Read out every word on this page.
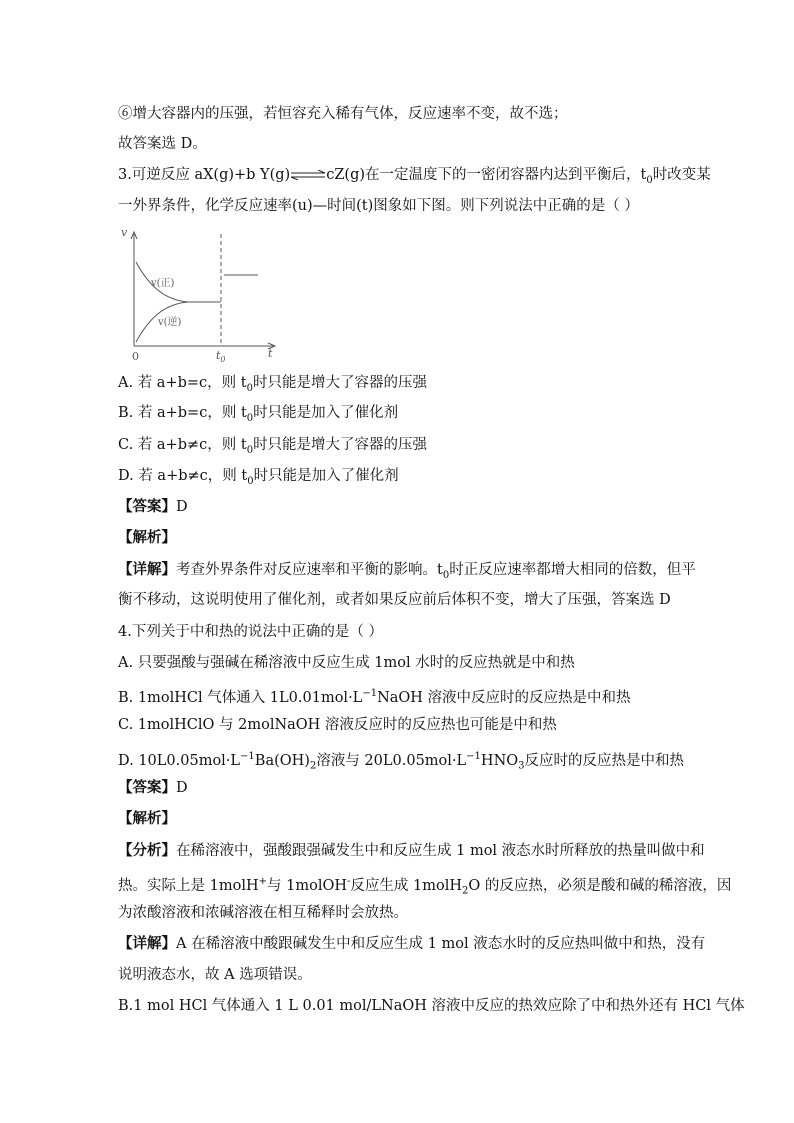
⑥增大容器内的压强，若恒容充入稀有气体，反应速率不变，故不选；
故答案选 D。
3.可逆反应 aX(g)+b Y(g)⇌cZ(g)在一定温度下的一密闭容器内达到平衡后，$t_0$时改变某
一外界条件，化学反应速率(u)—时间(t)图象如下图。则下列说法中正确的是（ ）
v
t
0
v(正)
v(逆)
$t_0$
A. 若 a+b=c，则 $t_0$时只能是增大了容器的压强
B. 若 a+b=c，则 $t_0$时只能是加入了催化剂
C. 若 a+b≠c，则 $t_0$时只能是增大了容器的压强
D. 若 a+b≠c，则 $t_0$时只能是加入了催化剂
【答案】D
【解析】
【详解】考查外界条件对反应速率和平衡的影响。$t_0$时正反应速率都增大相同的倍数，但平
衡不移动，这说明使用了催化剂，或者如果反应前后体积不变，增大了压强，答案选 D
4.下列关于中和热的说法中正确的是（ ）
A. 只要强酸与强碱在稀溶液中反应生成 1mol 水时的反应热就是中和热
B. 1molHCl 气体通入 $1L0.01mol\cdot L^{-1}NaOH$ 溶液中反应时的反应热是中和热
C. 1molHClO 与 2molNaOH 溶液反应时的反应热也可能是中和热
D. $10L0.05mol\cdot L^{-1}Ba(OH)_2$溶液与 $20L0.05mol\cdot L^{-1}HNO_3$反应时的反应热是中和热
【答案】D
【解析】
【分析】在稀溶液中，强酸跟强碱发生中和反应生成 1 mol 液态水时所释放的热量叫做中和
热。实际上是 1molH+与 1molOH-反应生成 1molH$_2$O 的反应热，必须是酸和碱的稀溶液，因
为浓酸溶液和浓碱溶液在相互稀释时会放热。
【详解】A 在稀溶液中酸跟碱发生中和反应生成 1 mol 液态水时的反应热叫做中和热，没有
说明液态水，故 A 选项错误。
B.1 mol HCl 气体通入 1 L 0.01 mol/LNaOH 溶液中反应的热效应除了中和热外还有 HCl 气体
